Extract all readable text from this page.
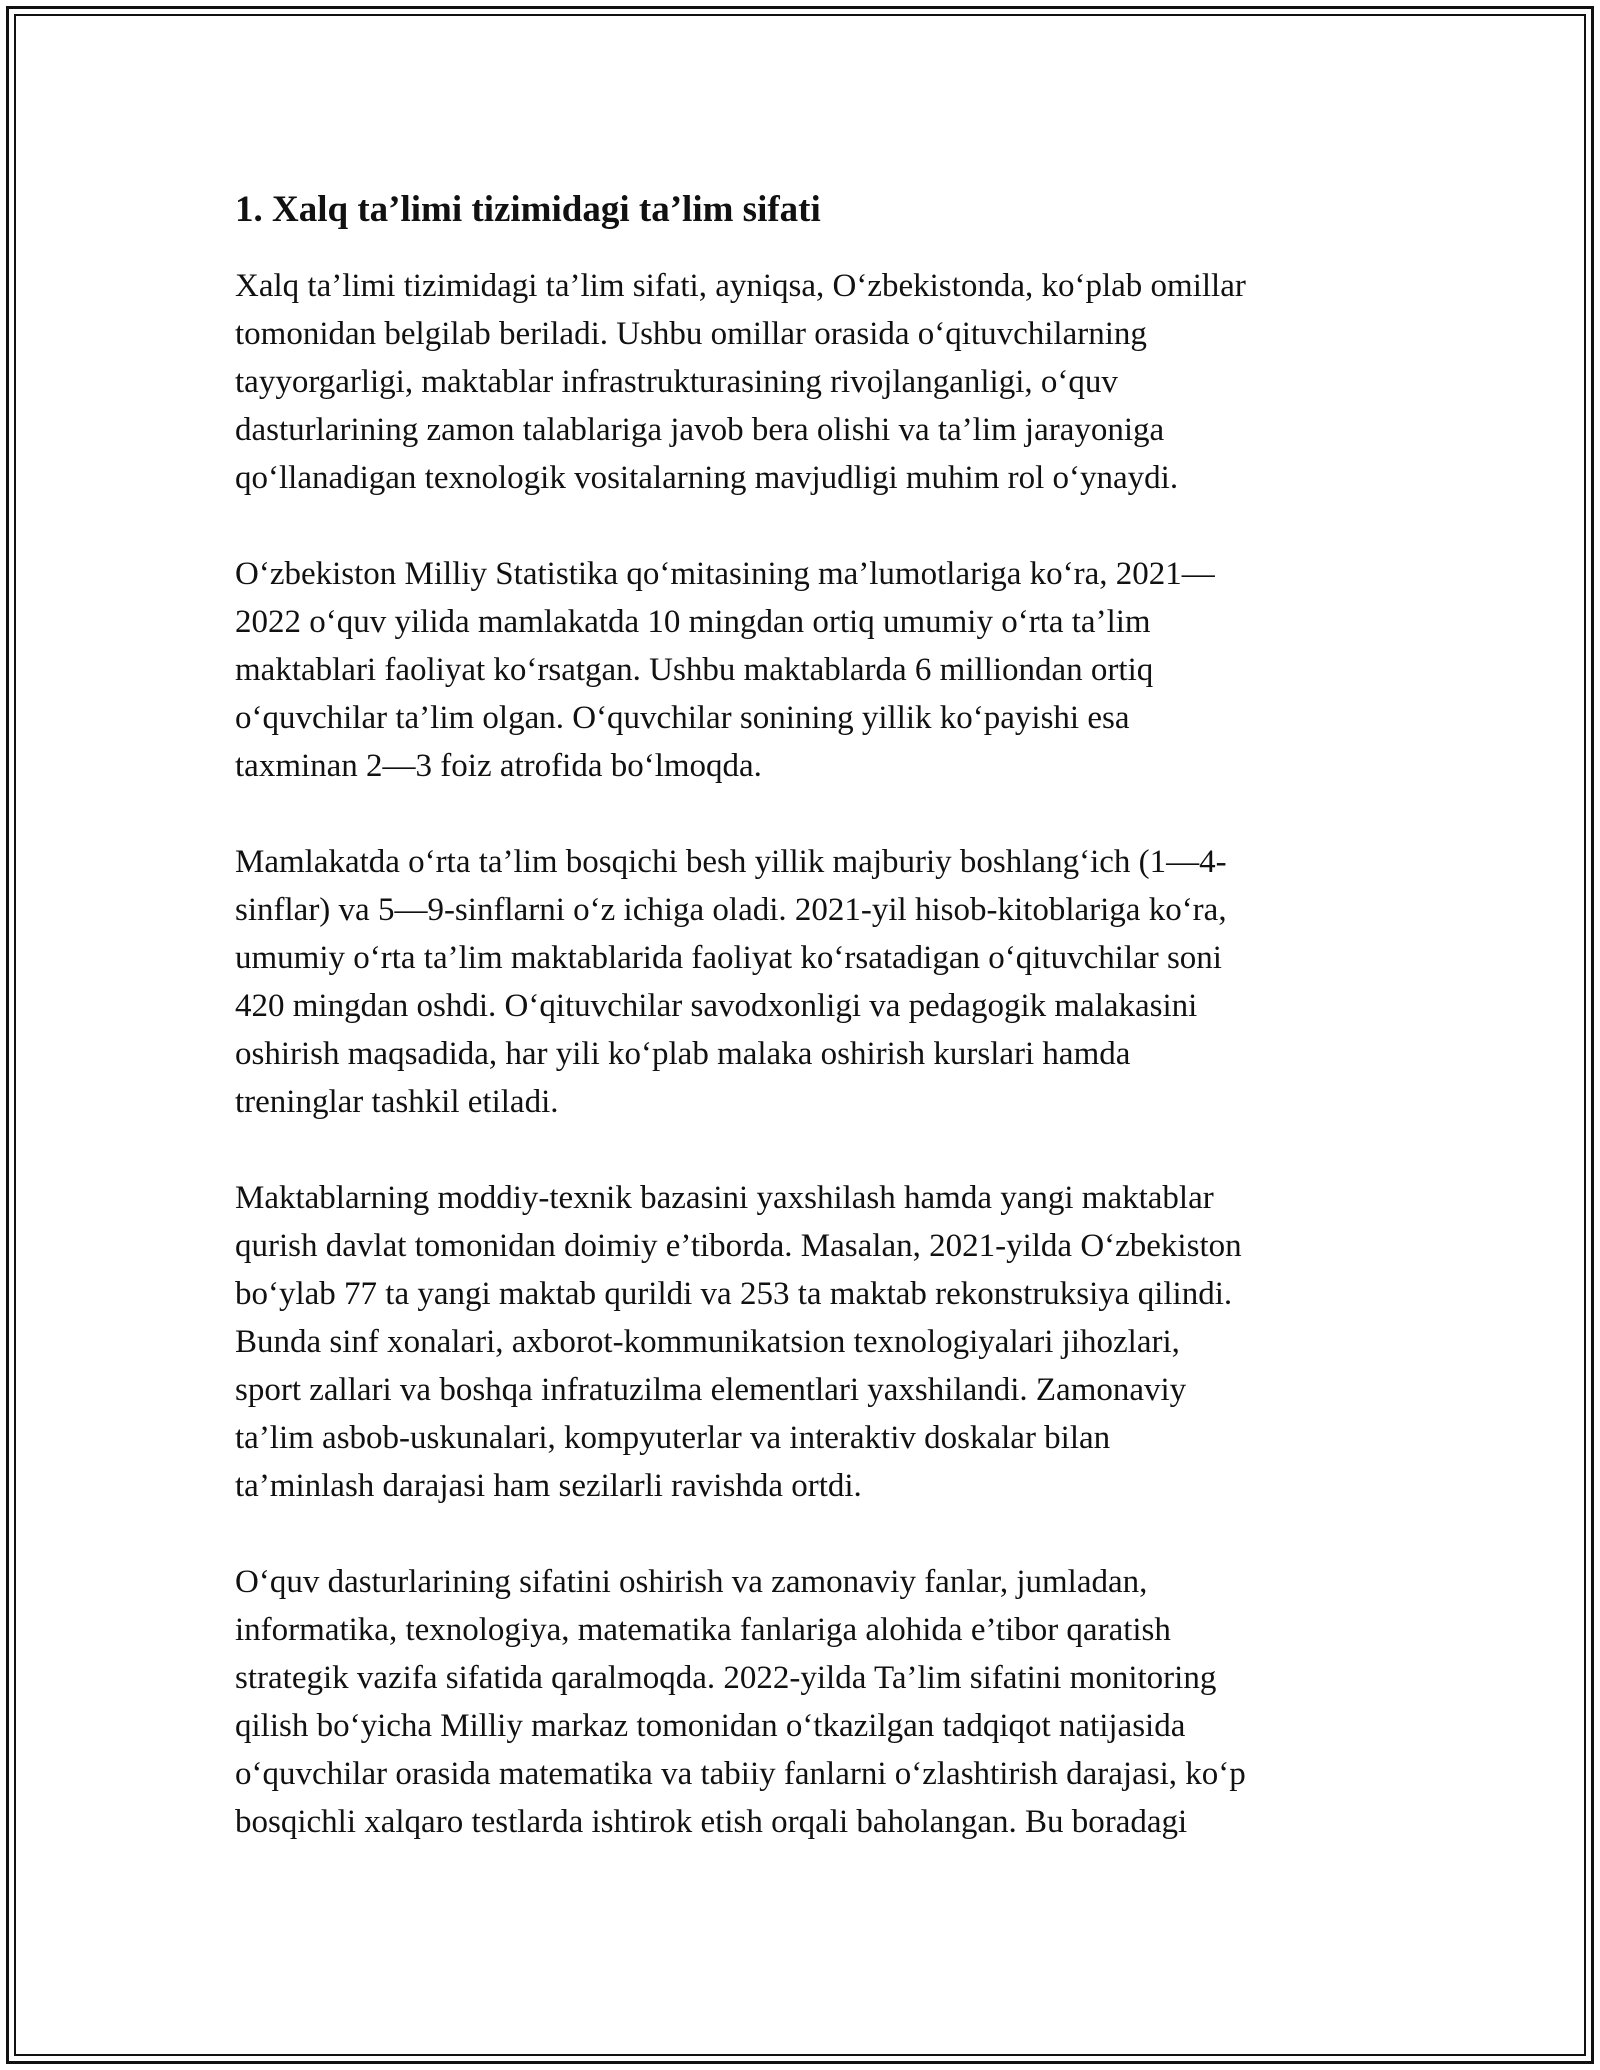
1. Xalq ta’limi tizimidagi ta’lim sifati
Xalq ta’limi tizimidagi ta’lim sifati, ayniqsa, O‘zbekistonda, ko‘plab omillar
tomonidan belgilab beriladi. Ushbu omillar orasida o‘qituvchilarning
tayyorgarligi, maktablar infrastrukturasining rivojlanganligi, o‘quv
dasturlarining zamon talablariga javob bera olishi va ta’lim jarayoniga
qo‘llanadigan texnologik vositalarning mavjudligi muhim rol o‘ynaydi.
O‘zbekiston Milliy Statistika qo‘mitasining ma’lumotlariga ko‘ra, 2021—
2022 o‘quv yilida mamlakatda 10 mingdan ortiq umumiy o‘rta ta’lim
maktablari faoliyat ko‘rsatgan. Ushbu maktablarda 6 milliondan ortiq
o‘quvchilar ta’lim olgan. O‘quvchilar sonining yillik ko‘payishi esa
taxminan 2—3 foiz atrofida bo‘lmoqda.
Mamlakatda o‘rta ta’lim bosqichi besh yillik majburiy boshlang‘ich (1—4-
sinflar) va 5—9-sinflarni o‘z ichiga oladi. 2021-yil hisob-kitoblariga ko‘ra,
umumiy o‘rta ta’lim maktablarida faoliyat ko‘rsatadigan o‘qituvchilar soni
420 mingdan oshdi. O‘qituvchilar savodxonligi va pedagogik malakasini
oshirish maqsadida, har yili ko‘plab malaka oshirish kurslari hamda
treninglar tashkil etiladi.
Maktablarning moddiy-texnik bazasini yaxshilash hamda yangi maktablar
qurish davlat tomonidan doimiy e’tiborda. Masalan, 2021-yilda O‘zbekiston
bo‘ylab 77 ta yangi maktab qurildi va 253 ta maktab rekonstruksiya qilindi.
Bunda sinf xonalari, axborot-kommunikatsion texnologiyalari jihozlari,
sport zallari va boshqa infratuzilma elementlari yaxshilandi. Zamonaviy
ta’lim asbob-uskunalari, kompyuterlar va interaktiv doskalar bilan
ta’minlash darajasi ham sezilarli ravishda ortdi.
O‘quv dasturlarining sifatini oshirish va zamonaviy fanlar, jumladan,
informatika, texnologiya, matematika fanlariga alohida e’tibor qaratish
strategik vazifa sifatida qaralmoqda. 2022-yilda Ta’lim sifatini monitoring
qilish bo‘yicha Milliy markaz tomonidan o‘tkazilgan tadqiqot natijasida
o‘quvchilar orasida matematika va tabiiy fanlarni o‘zlashtirish darajasi, ko‘p
bosqichli xalqaro testlarda ishtirok etish orqali baholangan. Bu boradagi
